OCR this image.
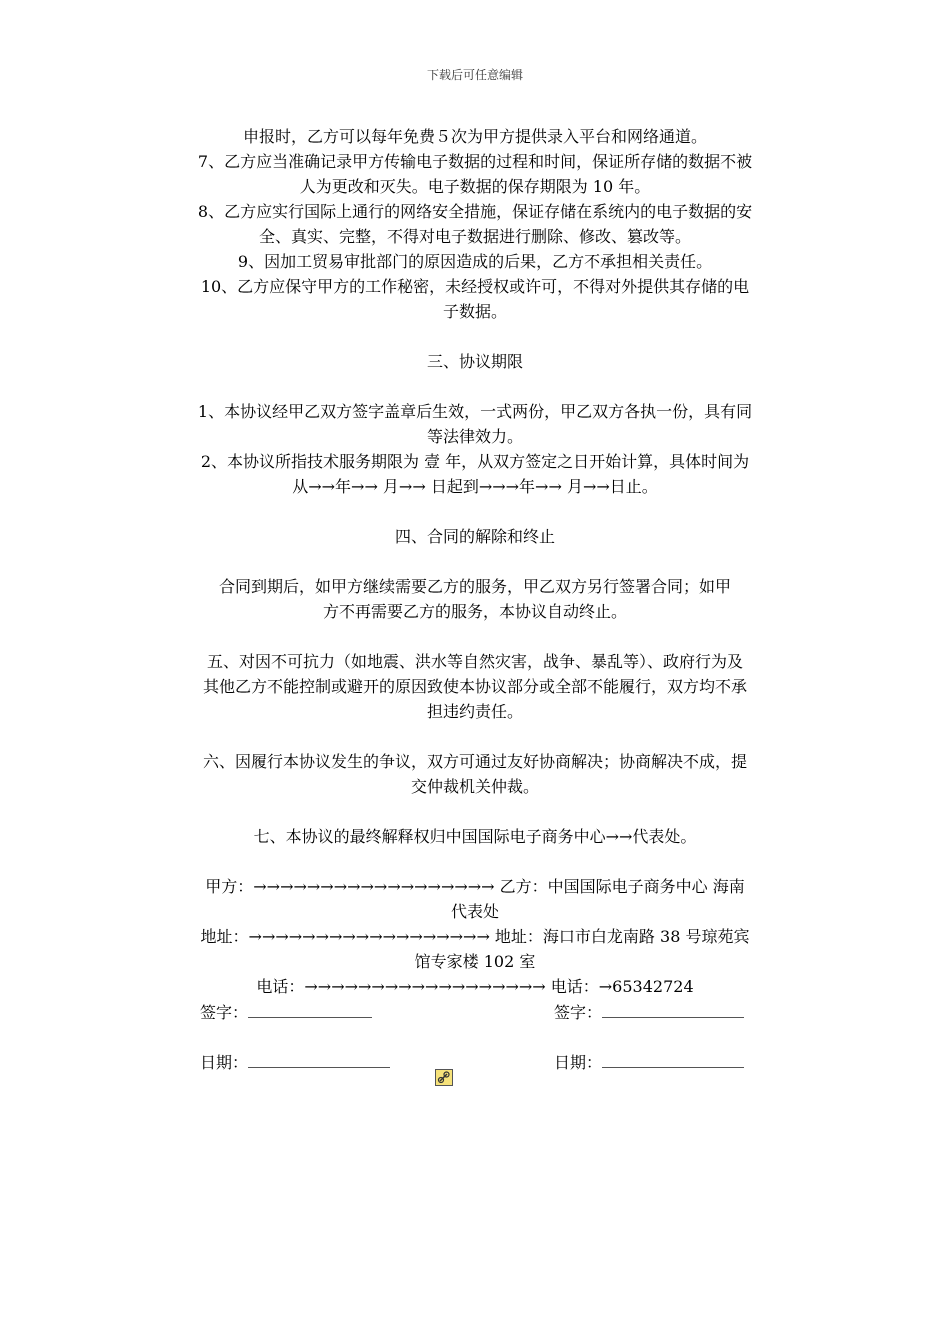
下载后可任意编辑

申报时，乙方可以每年免费５次为甲方提供录入平台和网络通道。

7、乙方应当准确记录甲方传输电子数据的过程和时间，保证所存储的数据不被

人为更改和灭失。电子数据的保存期限为 10 年。

8、乙方应实行国际上通行的网络安全措施，保证存储在系统内的电子数据的安

全、真实、完整，不得对电子数据进行删除、修改、篡改等。

9、因加工贸易审批部门的原因造成的后果，乙方不承担相关责任。

10、乙方应保守甲方的工作秘密，未经授权或许可，不得对外提供其存储的电

子数据。

三、协议期限

1、本协议经甲乙双方签字盖章后生效，一式两份，甲乙双方各执一份，具有同

等法律效力。

2、本协议所指技术服务期限为 壹 年，从双方签定之日开始计算，具体时间为

从→→年→→ 月→→ 日起到→→→年→→ 月→→日止。

四、合同的解除和终止

合同到期后，如甲方继续需要乙方的服务，甲乙双方另行签署合同；如甲

方不再需要乙方的服务，本协议自动终止。

五、对因不可抗力（如地震、洪水等自然灾害，战争、暴乱等）、政府行为及

其他乙方不能控制或避开的原因致使本协议部分或全部不能履行，双方均不承

担违约责任。

六、因履行本协议发生的争议，双方可通过友好协商解决；协商解决不成，提

交仲裁机关仲裁。

七、本协议的最终解释权归中国国际电子商务中心→→代表处。

甲方：→→→→→→→→→→→→→→→→→→ 乙方：中国国际电子商务中心 海南

代表处

地址：→→→→→→→→→→→→→→→→→→ 地址：海口市白龙南路 38 号琼苑宾

馆专家楼 102 室

电话：→→→→→→→→→→→→→→→→→→ 电话：→65342724

签字：	签字：
日期：	日期：
